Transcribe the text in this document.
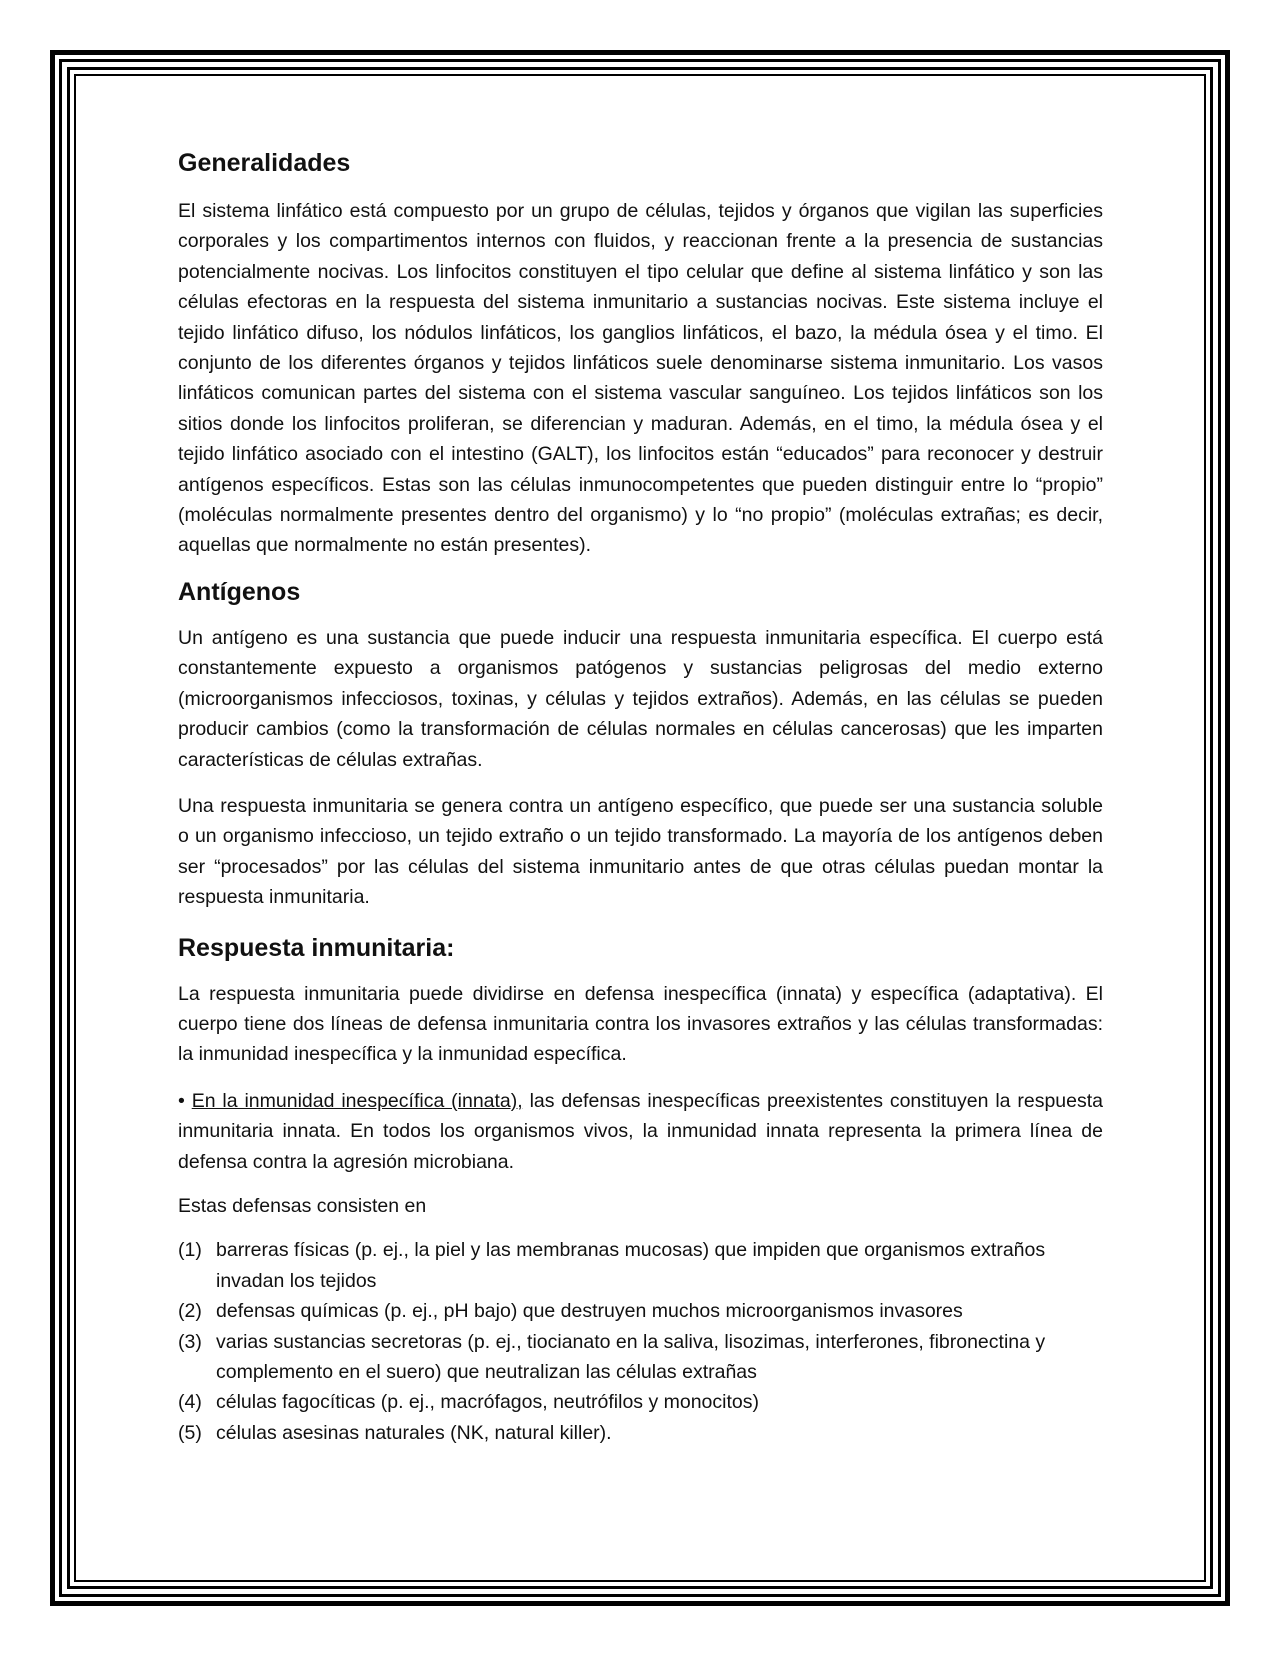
Generalidades

El sistema linfático está compuesto por un grupo de células, tejidos y órganos que vigilan las superficies corporales y los compartimentos internos con fluidos, y reaccionan frente a la presencia de sustancias potencialmente nocivas. Los linfocitos constituyen el tipo celular que define al sistema linfático y son las células efectoras en la respuesta del sistema inmunitario a sustancias nocivas. Este sistema incluye el tejido linfático difuso, los nódulos linfáticos, los ganglios linfáticos, el bazo, la médula ósea y el timo. El conjunto de los diferentes órganos y tejidos linfáticos suele denominarse sistema inmunitario. Los vasos linfáticos comunican partes del sistema con el sistema vascular sanguíneo. Los tejidos linfáticos son los sitios donde los linfocitos proliferan, se diferencian y maduran. Además, en el timo, la médula ósea y el tejido linfático asociado con el intestino (GALT), los linfocitos están “educados” para reconocer y destruir antígenos específicos. Estas son las células inmunocompetentes que pueden distinguir entre lo “propio” (moléculas normalmente presentes dentro del organismo) y lo “no propio” (moléculas extrañas; es decir, aquellas que normalmente no están presentes).

Antígenos

Un antígeno es una sustancia que puede inducir una respuesta inmunitaria específica. El cuerpo está constantemente expuesto a organismos patógenos y sustancias peligrosas del medio externo (microorganismos infecciosos, toxinas, y células y tejidos extraños). Además, en las células se pueden producir cambios (como la transformación de células normales en células cancerosas) que les imparten características de células extrañas.

Una respuesta inmunitaria se genera contra un antígeno específico, que puede ser una sustancia soluble o un organismo infeccioso, un tejido extraño o un tejido transformado. La mayoría de los antígenos deben ser “procesados” por las células del sistema inmunitario antes de que otras células puedan montar la respuesta inmunitaria.

Respuesta inmunitaria:

La respuesta inmunitaria puede dividirse en defensa inespecífica (innata) y específica (adaptativa). El cuerpo tiene dos líneas de defensa inmunitaria contra los invasores extraños y las células transformadas: la inmunidad inespecífica y la inmunidad específica.

• En la inmunidad inespecífica (innata), las defensas inespecíficas preexistentes constituyen la respuesta inmunitaria innata. En todos los organismos vivos, la inmunidad innata representa la primera línea de defensa contra la agresión microbiana.

Estas defensas consisten en

(1) barreras físicas (p. ej., la piel y las membranas mucosas) que impiden que organismos extraños invadan los tejidos
(2) defensas químicas (p. ej., pH bajo) que destruyen muchos microorganismos invasores
(3) varias sustancias secretoras (p. ej., tiocianato en la saliva, lisozimas, interferones, fibronectina y complemento en el suero) que neutralizan las células extrañas
(4) células fagocíticas (p. ej., macrófagos, neutrófilos y monocitos)
(5) células asesinas naturales (NK, natural killer).
